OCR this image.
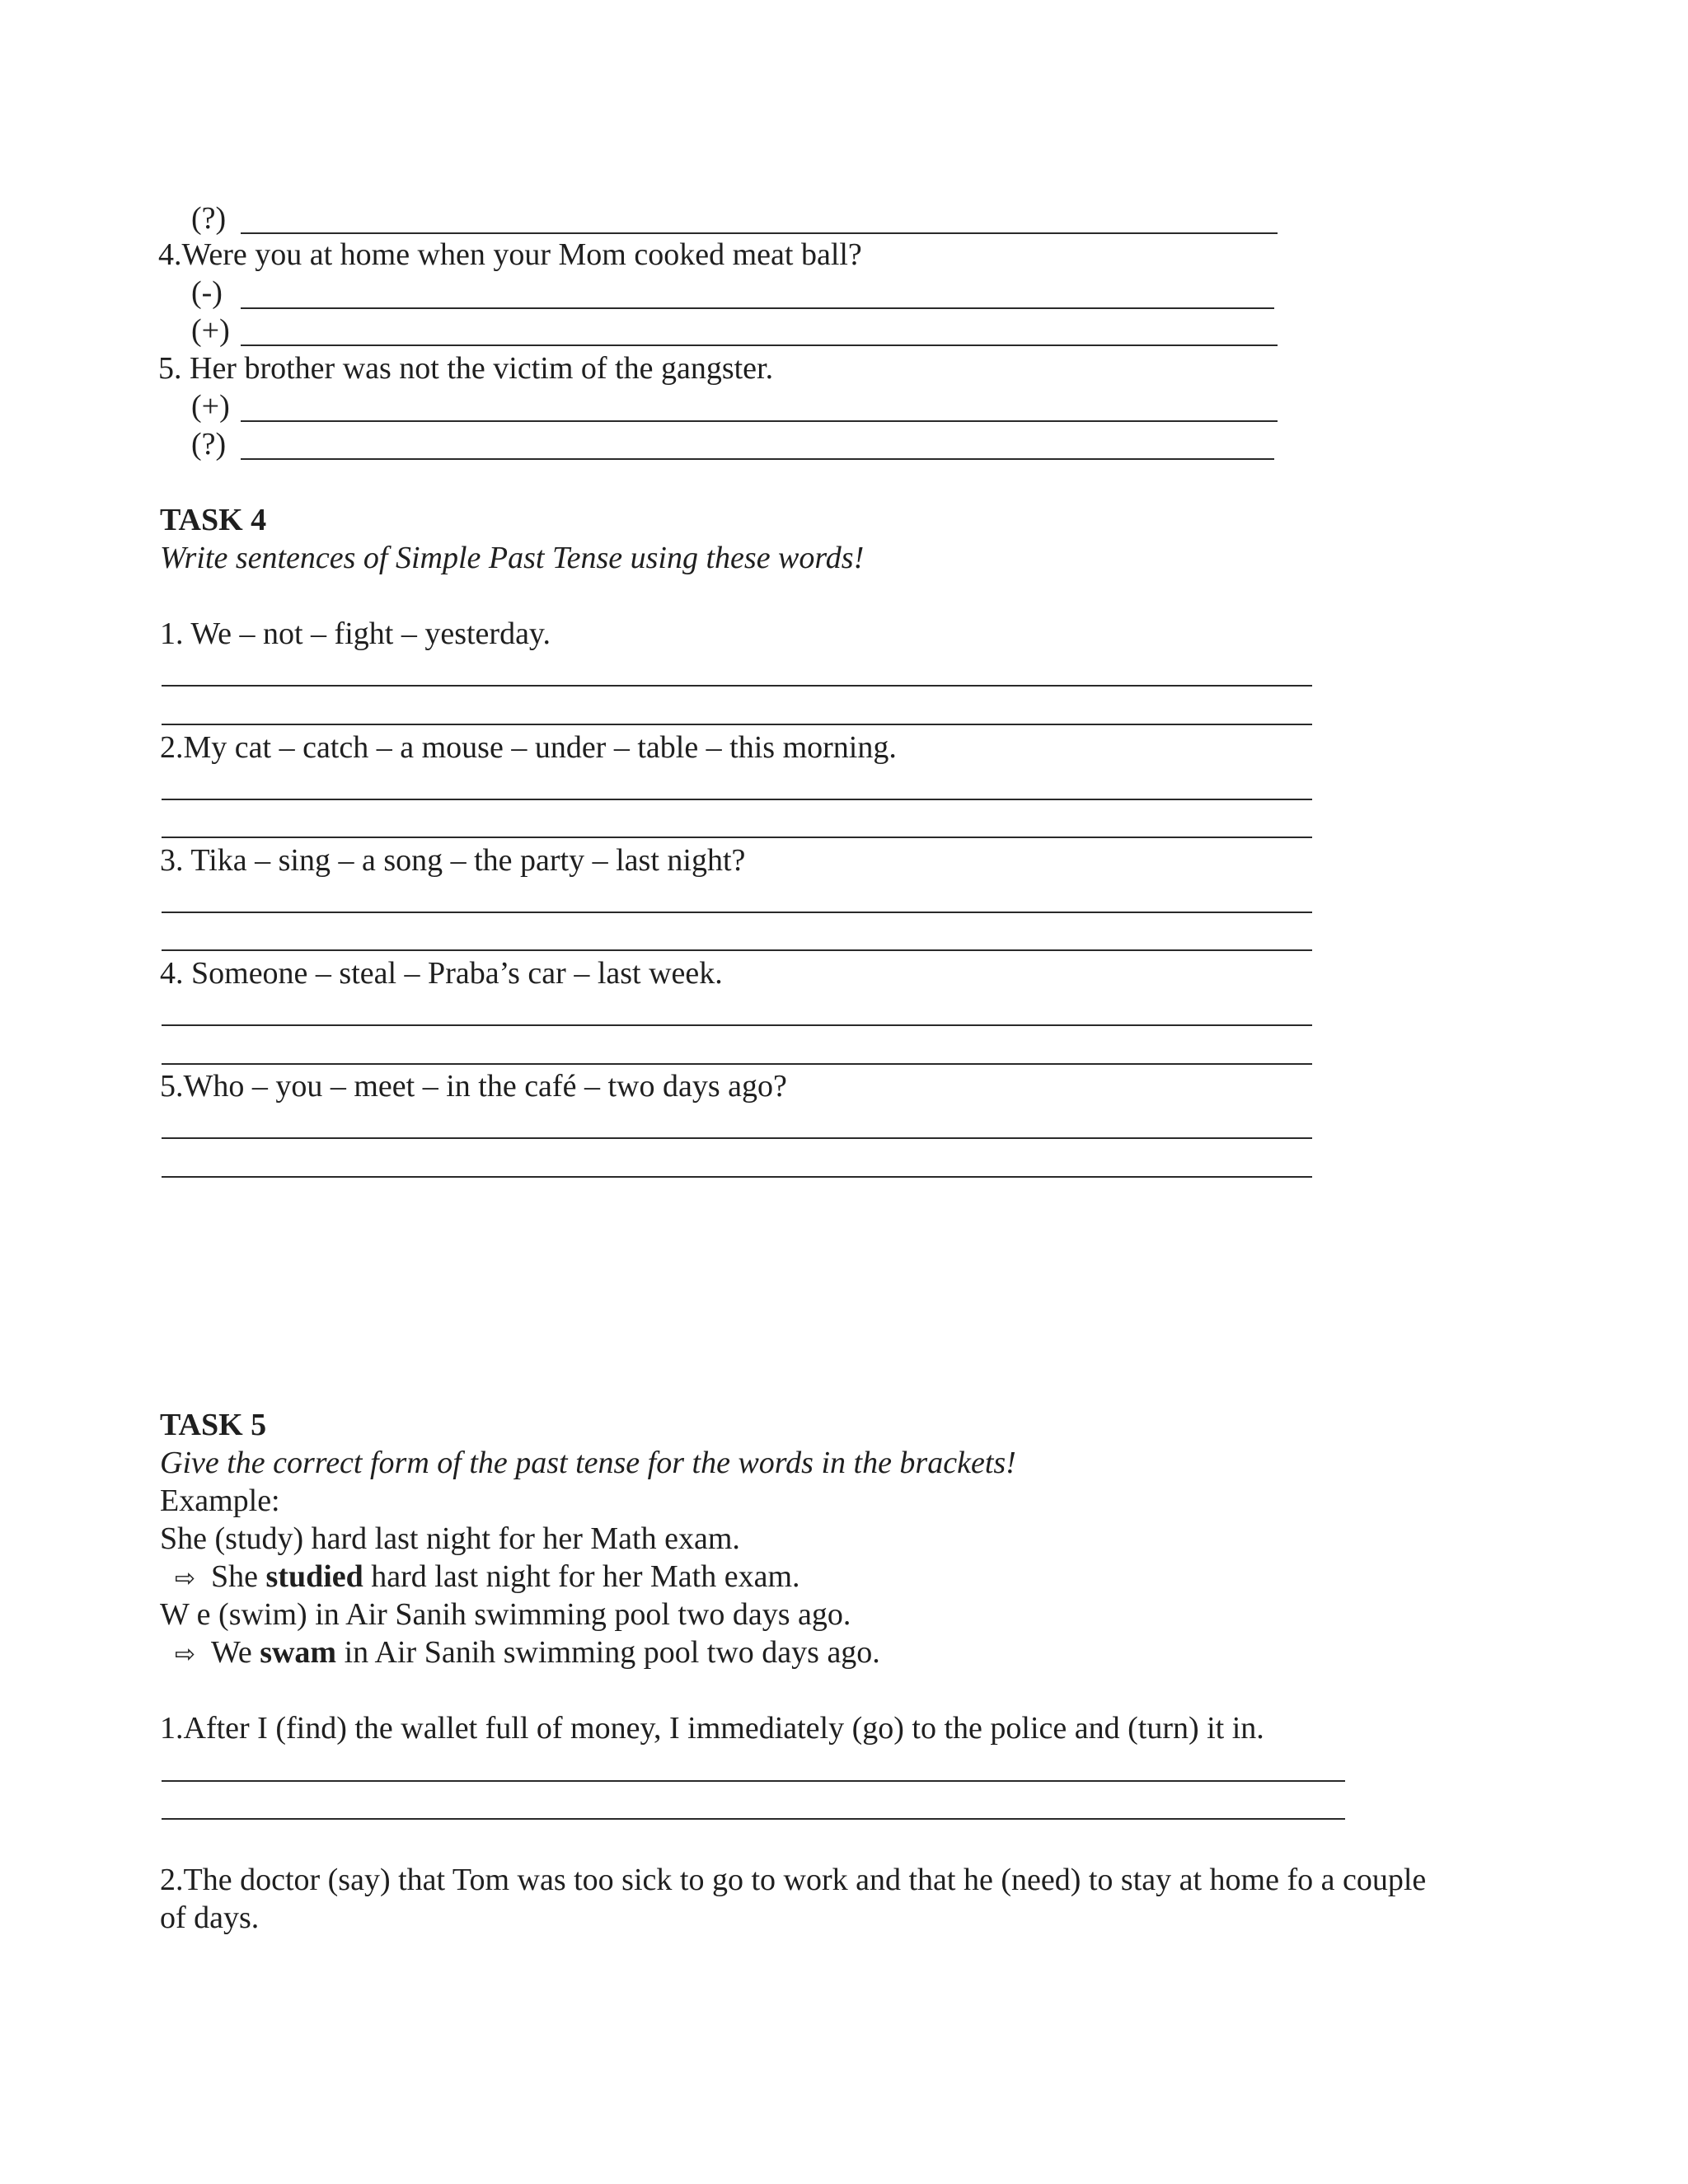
(?)
4.Were you at home when your Mom cooked meat ball?
(-)
(+)
5. Her brother was not the victim of the gangster.
(+)
(?)
TASK 4
Write sentences of Simple Past Tense using these words!
1. We – not – fight – yesterday.
2.My cat – catch – a mouse – under – table – this morning.
3. Tika – sing – a song – the party – last night?
4. Someone – steal – Praba’s car – last week.
5.Who – you – meet – in the café – two days ago?
TASK 5
Give the correct form of the past tense for the words in the brackets!
Example:
She (study) hard last night for her Math exam.
⇨ She studied hard last night for her Math exam.
W e (swim) in Air Sanih swimming pool two days ago.
⇨ We swam in Air Sanih swimming pool two days ago.
1.After I (find) the wallet full of money, I immediately (go) to the police and (turn) it in.
2.The doctor (say) that Tom was too sick to go to work and that he (need) to stay at home fo a couple
of days.
